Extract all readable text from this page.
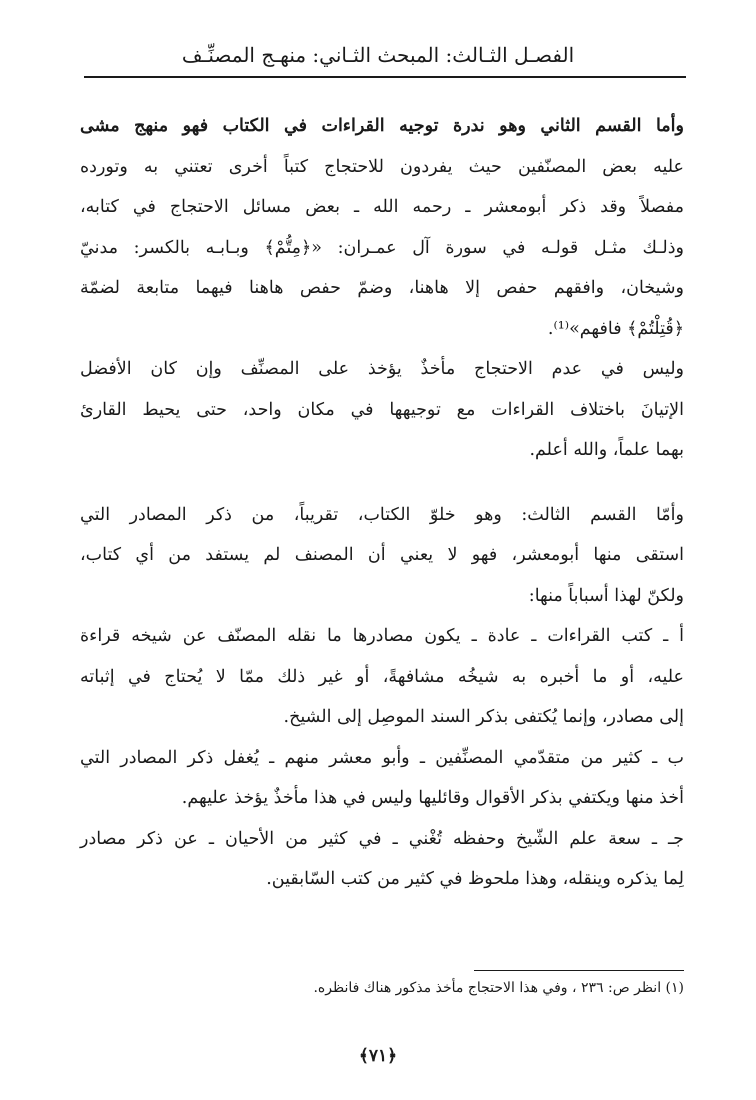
الفصـل الثـالث: المبحث الثـاني: منهـج المصنِّـف

وأما القسم الثاني وهو ندرة توجيه القراءات في الكتاب فهو منهج مشى
عليه بعض المصنّفين حيث يفردون للاحتجاج كتباً أخرى تعتني به وتورده
مفصلاً وقد ذكر أبومعشر ـ رحمه الله ـ بعض مسائل الاحتجاج في كتابه،
وذلـك مثـل قولـه في سورة آل عمـران: «﴿مِتُّمْ﴾ وبـابـه بالكسر: مدنيّ
وشيخان، وافقهم حفص إلا هاهنا، وضمّ حفص هاهنا فيهما متابعة لضمّة
﴿قُتِلْتُمْ﴾ فافهم»⁽¹⁾.

وليس في عدم الاحتجاج مأخذٌ يؤخذ على المصنِّف وإن كان الأفضل
الإتيانَ باختلاف القراءات مع توجيهها في مكان واحد، حتى يحيط القارئ
بهما علماً، والله أعلم.

وأمّا القسم الثالث: وهو خلوّ الكتاب، تقريباً، من ذكر المصادر التي
استقى منها أبومعشر، فهو لا يعني أن المصنف لم يستفد من أي كتاب،
ولكنّ لهذا أسباباً منها:

أ ـ كتب القراءات ـ عادة ـ يكون مصادرها ما نقله المصنّف عن شيخه قراءة
عليه، أو ما أخبره به شيخُه مشافهةً، أو غير ذلك ممّا لا يُحتاج في إثباته
إلى مصادر، وإنما يُكتفى بذكر السند الموصِل إلى الشيخ.

ب ـ كثير من متقدّمي المصنِّفين ـ وأبو معشر منهم ـ يُغفل ذكر المصادر التي
أخذ منها ويكتفي بذكر الأقوال وقائليها وليس في هذا مأخذٌ يؤخذ عليهم.

جـ ـ سعة علم الشّيخ وحفظه تُغْني ـ في كثير من الأحيان ـ عن ذكر مصادر
لِما يذكره وينقله، وهذا ملحوظ في كثير من كتب السّابقين.

(١) انظر ص: ٢٣٦ ، وفي هذا الاحتجاج مأخذ مذكور هناك فانظره.
﴿٧١﴾
